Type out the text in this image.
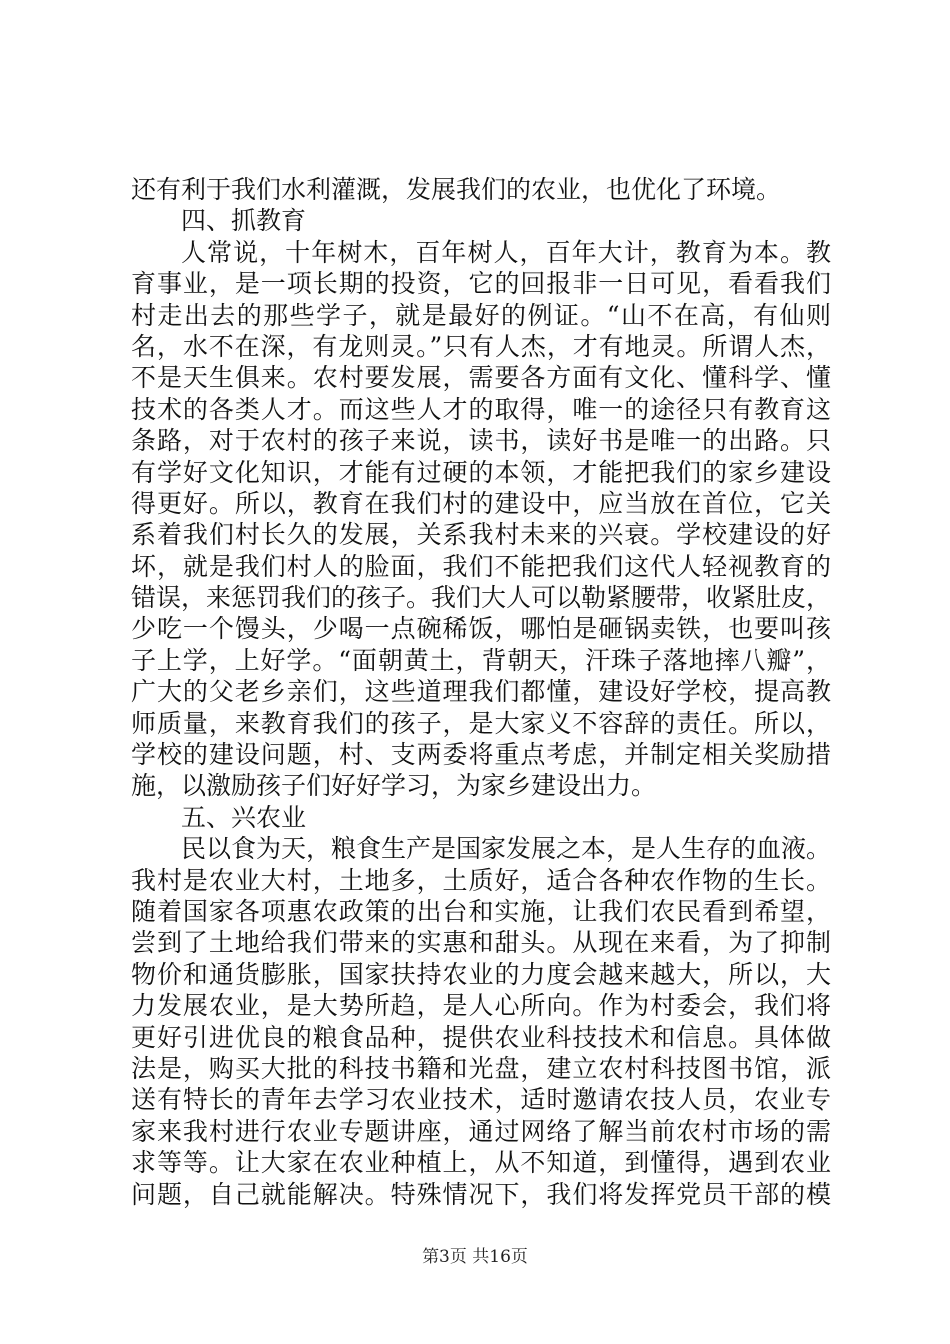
还有利于我们水利灌溉，发展我们的农业，也优化了环境。
四、抓教育
人常说，十年树木，百年树人，百年大计，教育为本。教
育事业，是一项长期的投资，它的回报非一日可见，看看我们
村走出去的那些学子，就是最好的例证。“山不在高，有仙则
名，水不在深，有龙则灵。”只有人杰，才有地灵。所谓人杰，
不是天生俱来。农村要发展，需要各方面有文化、懂科学、懂
技术的各类人才。而这些人才的取得，唯一的途径只有教育这
条路，对于农村的孩子来说，读书，读好书是唯一的出路。只
有学好文化知识，才能有过硬的本领，才能把我们的家乡建设
得更好。所以，教育在我们村的建设中，应当放在首位，它关
系着我们村长久的发展，关系我村未来的兴衰。学校建设的好
坏，就是我们村人的脸面，我们不能把我们这代人轻视教育的
错误，来惩罚我们的孩子。我们大人可以勒紧腰带，收紧肚皮，
少吃一个馒头，少喝一点碗稀饭，哪怕是砸锅卖铁，也要叫孩
子上学，上好学。“面朝黄土，背朝天，汗珠子落地摔八瓣”，
广大的父老乡亲们，这些道理我们都懂，建设好学校，提高教
师质量，来教育我们的孩子，是大家义不容辞的责任。所以，
学校的建设问题，村、支两委将重点考虑，并制定相关奖励措
施，以激励孩子们好好学习，为家乡建设出力。
五、兴农业
民以食为天，粮食生产是国家发展之本，是人生存的血液。
我村是农业大村，土地多，土质好，适合各种农作物的生长。
随着国家各项惠农政策的出台和实施，让我们农民看到希望，
尝到了土地给我们带来的实惠和甜头。从现在来看，为了抑制
物价和通货膨胀，国家扶持农业的力度会越来越大，所以，大
力发展农业，是大势所趋，是人心所向。作为村委会，我们将
更好引进优良的粮食品种，提供农业科技技术和信息。具体做
法是，购买大批的科技书籍和光盘，建立农村科技图书馆，派
送有特长的青年去学习农业技术，适时邀请农技人员，农业专
家来我村进行农业专题讲座，通过网络了解当前农村市场的需
求等等。让大家在农业种植上，从不知道，到懂得，遇到农业
问题，自己就能解决。特殊情况下，我们将发挥党员干部的模
第3页 共16页
